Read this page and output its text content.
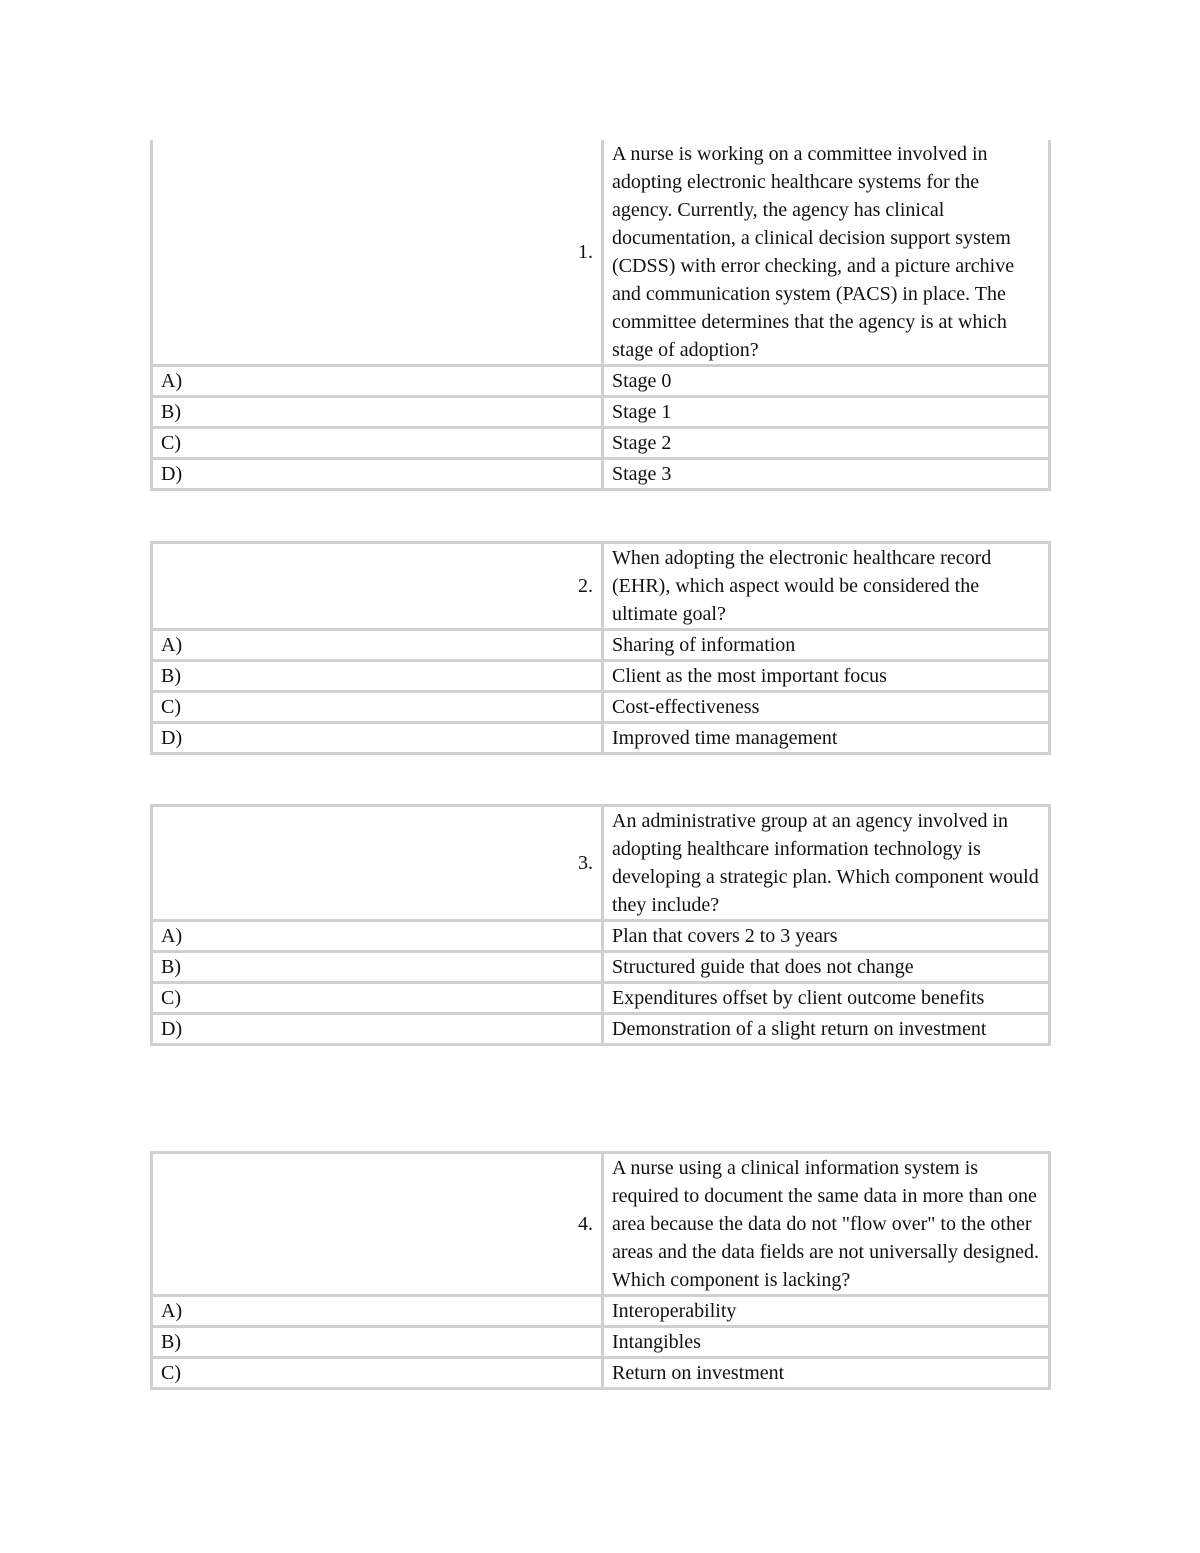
1.	A nurse is working on a committee involved in adopting electronic healthcare systems for the agency. Currently, the agency has clinical documentation, a clinical decision support system (CDSS) with error checking, and a picture archive and communication system (PACS) in place. The committee determines that the agency is at which stage of adoption?
A)	Stage 0
B)	Stage 1
C)	Stage 2
D)	Stage 3
2.	When adopting the electronic healthcare record (EHR), which aspect would be considered the ultimate goal?
A)	Sharing of information
B)	Client as the most important focus
C)	Cost-effectiveness
D)	Improved time management
3.	An administrative group at an agency involved in adopting healthcare information technology is developing a strategic plan. Which component would they include?
A)	Plan that covers 2 to 3 years
B)	Structured guide that does not change
C)	Expenditures offset by client outcome benefits
D)	Demonstration of a slight return on investment
4.	A nurse using a clinical information system is required to document the same data in more than one area because the data do not "flow over" to the other areas and the data fields are not universally designed. Which component is lacking?
A)	Interoperability
B)	Intangibles
C)	Return on investment
